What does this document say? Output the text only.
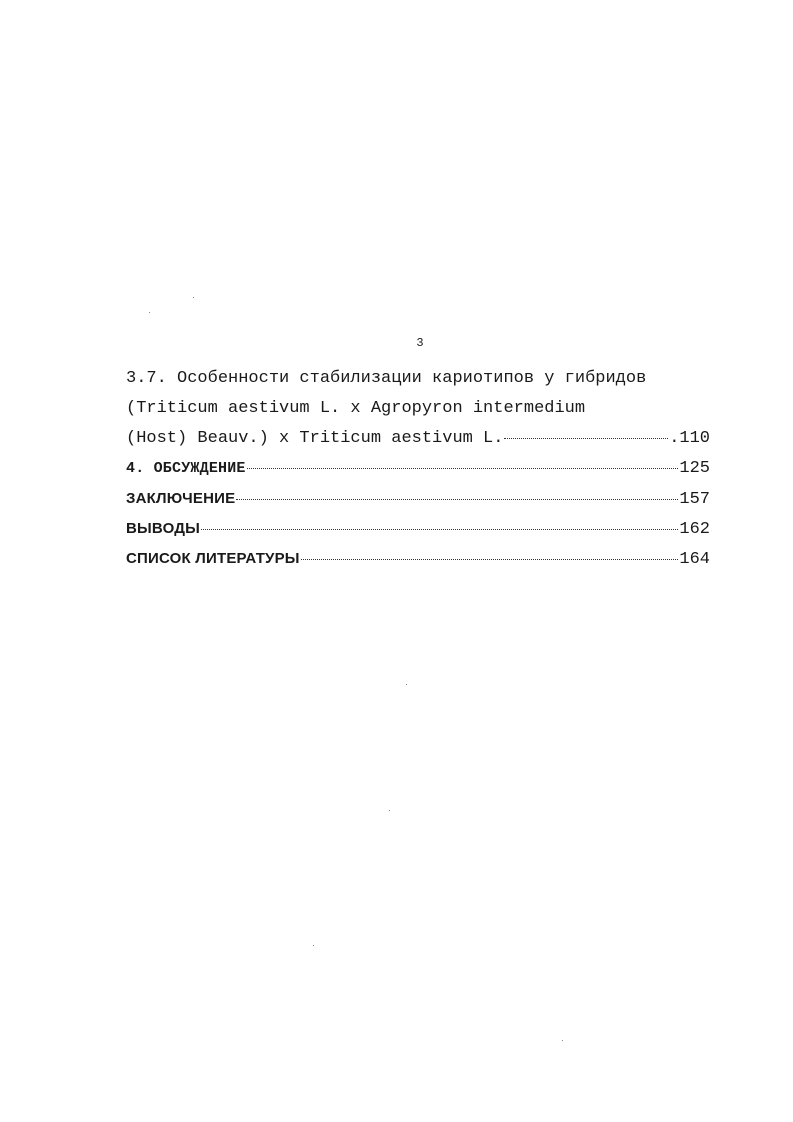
3
3.7. Особенности стабилизации кариотипов у гибридов
(Triticum aestivum L. x Agropyron intermedium
(Host) Beauv.) x Triticum aestivum L.	.110
4. ОБСУЖДЕНИЕ	125
ЗАКЛЮЧЕНИЕ	157
ВЫВОДЫ	162
СПИСОК ЛИТЕРАТУРЫ	164
